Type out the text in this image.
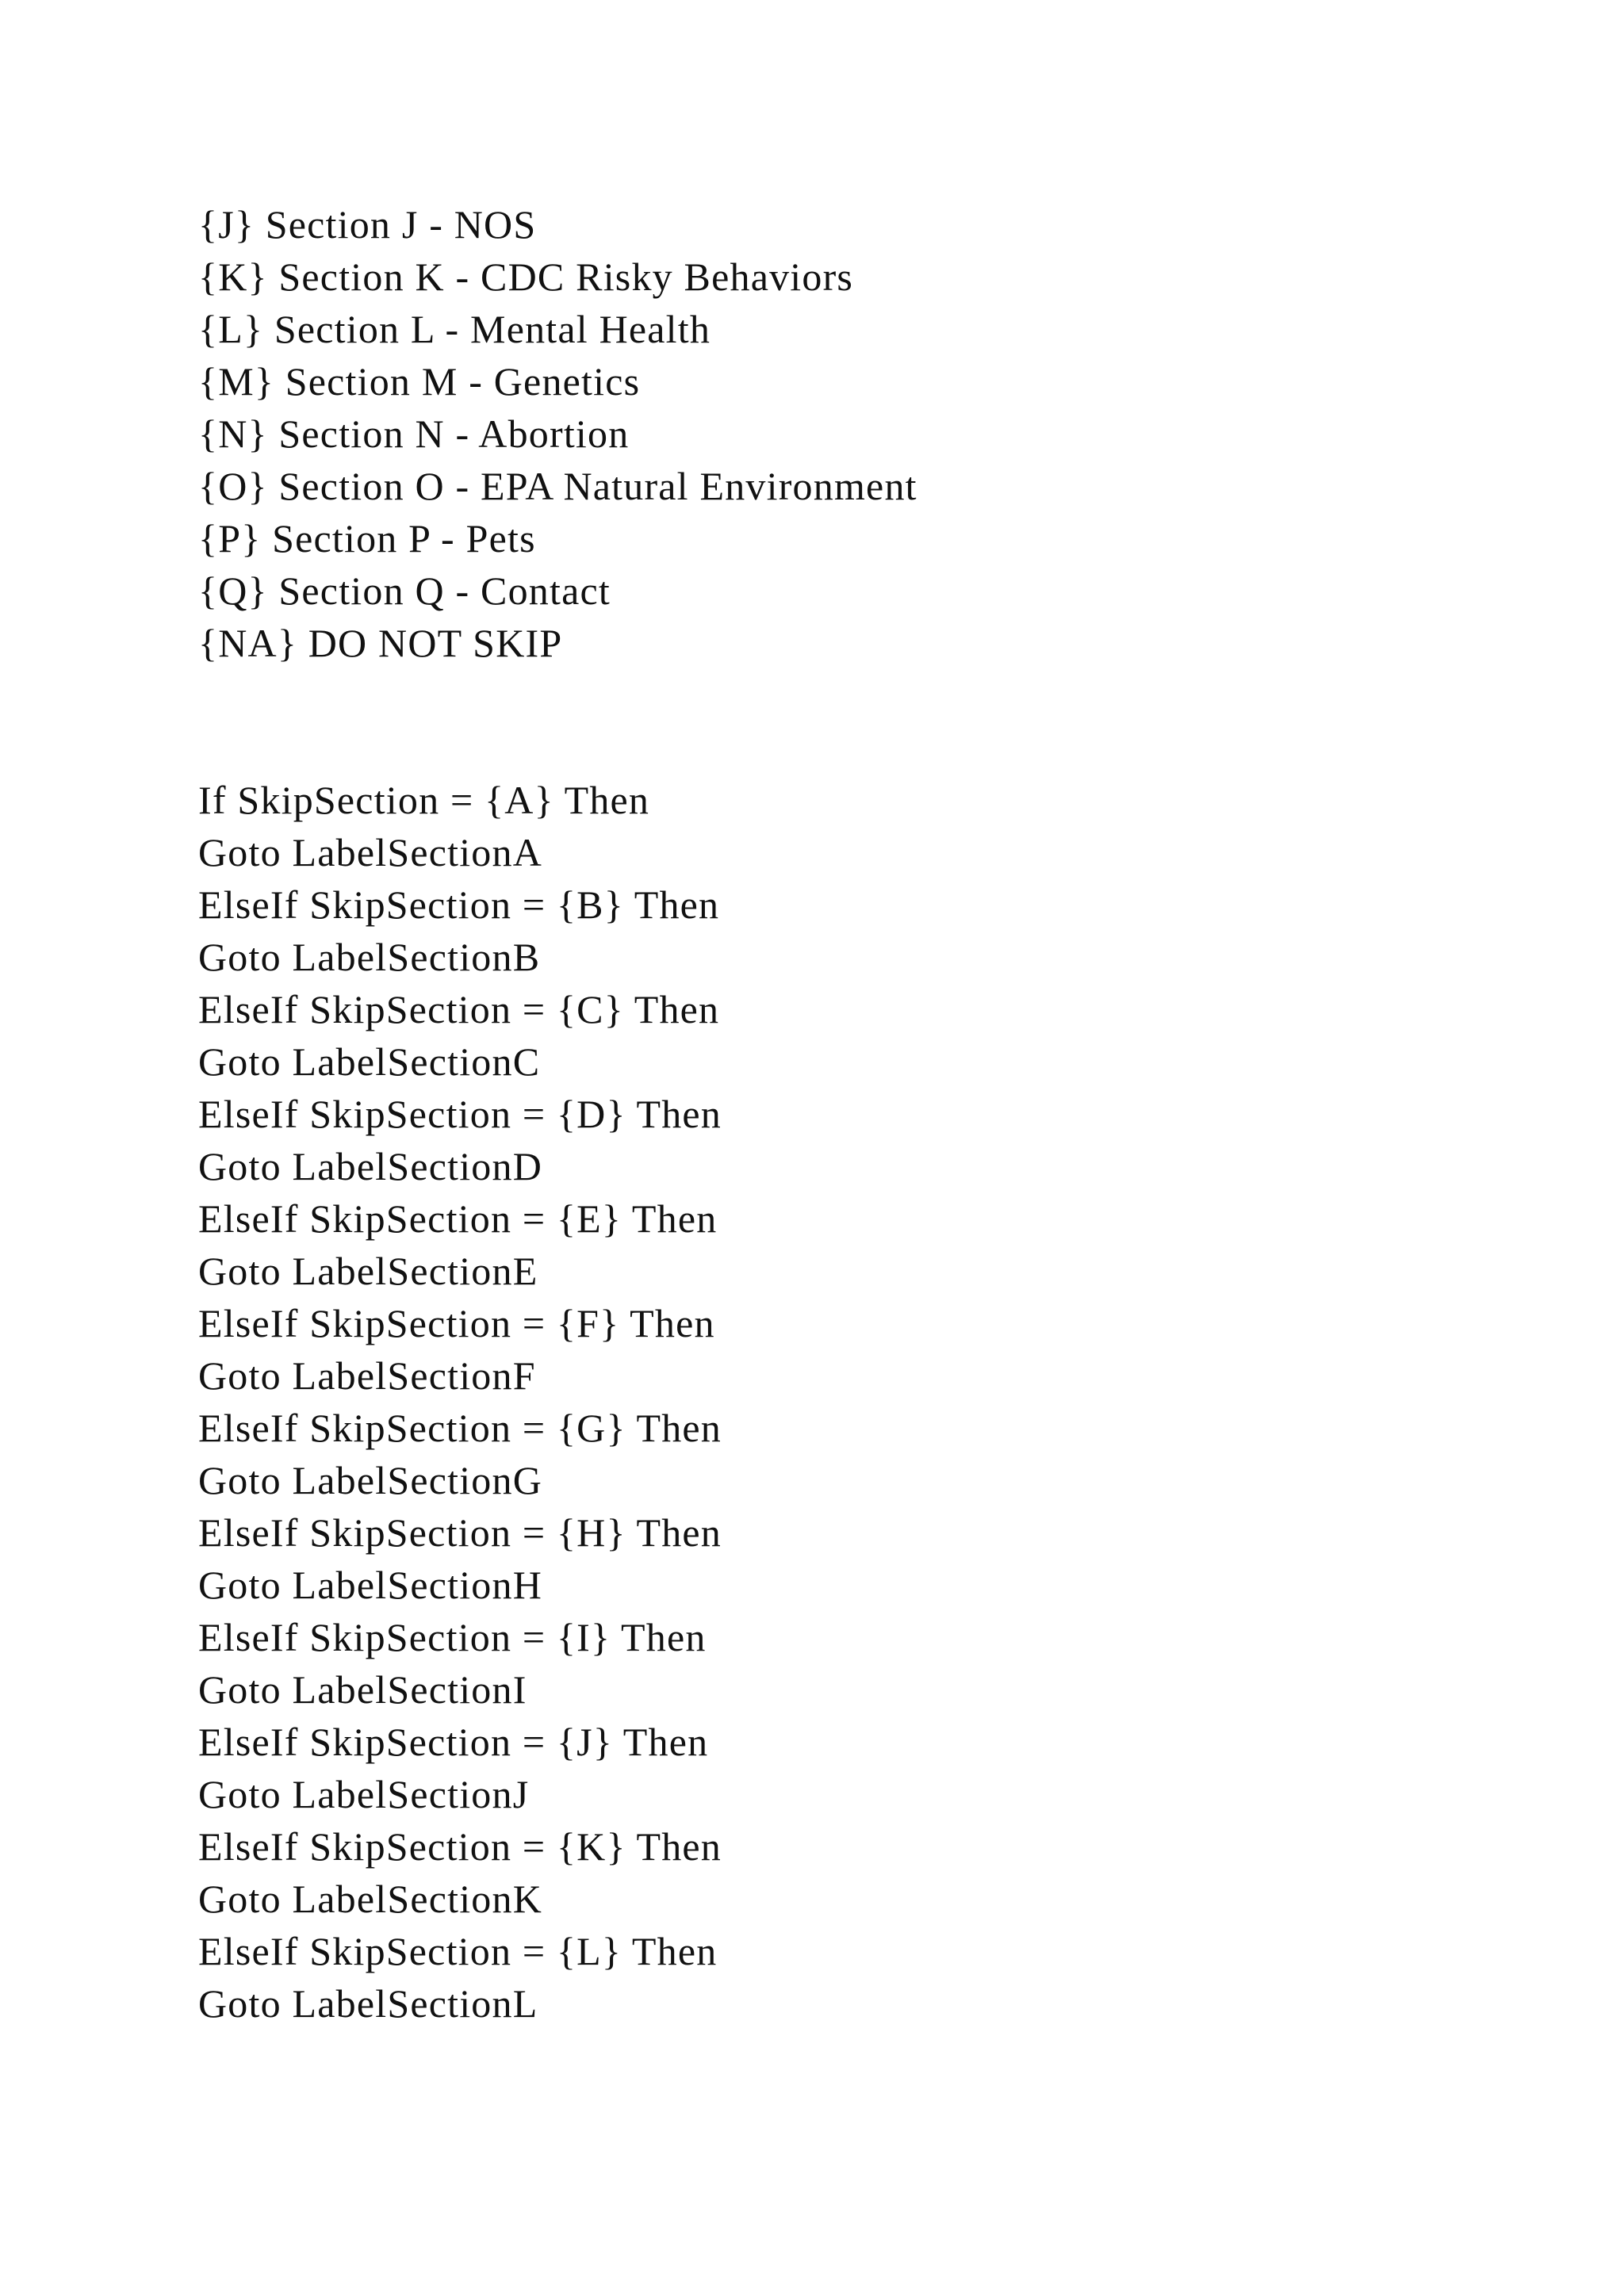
{J} Section J - NOS
{K} Section K - CDC Risky Behaviors
{L} Section L - Mental Health
{M} Section M - Genetics
{N} Section N - Abortion
{O} Section O - EPA Natural Environment
{P} Section P - Pets
{Q} Section Q - Contact
{NA} DO NOT SKIP
If SkipSection = {A} Then
Goto LabelSectionA
ElseIf SkipSection = {B} Then
Goto LabelSectionB
ElseIf SkipSection = {C} Then
Goto LabelSectionC
ElseIf SkipSection = {D} Then
Goto LabelSectionD
ElseIf SkipSection = {E} Then
Goto LabelSectionE
ElseIf SkipSection = {F} Then
Goto LabelSectionF
ElseIf SkipSection = {G} Then
Goto LabelSectionG
ElseIf SkipSection = {H} Then
Goto LabelSectionH
ElseIf SkipSection = {I} Then
Goto LabelSectionI
ElseIf SkipSection = {J} Then
Goto LabelSectionJ
ElseIf SkipSection = {K} Then
Goto LabelSectionK
ElseIf SkipSection = {L} Then
Goto LabelSectionL
